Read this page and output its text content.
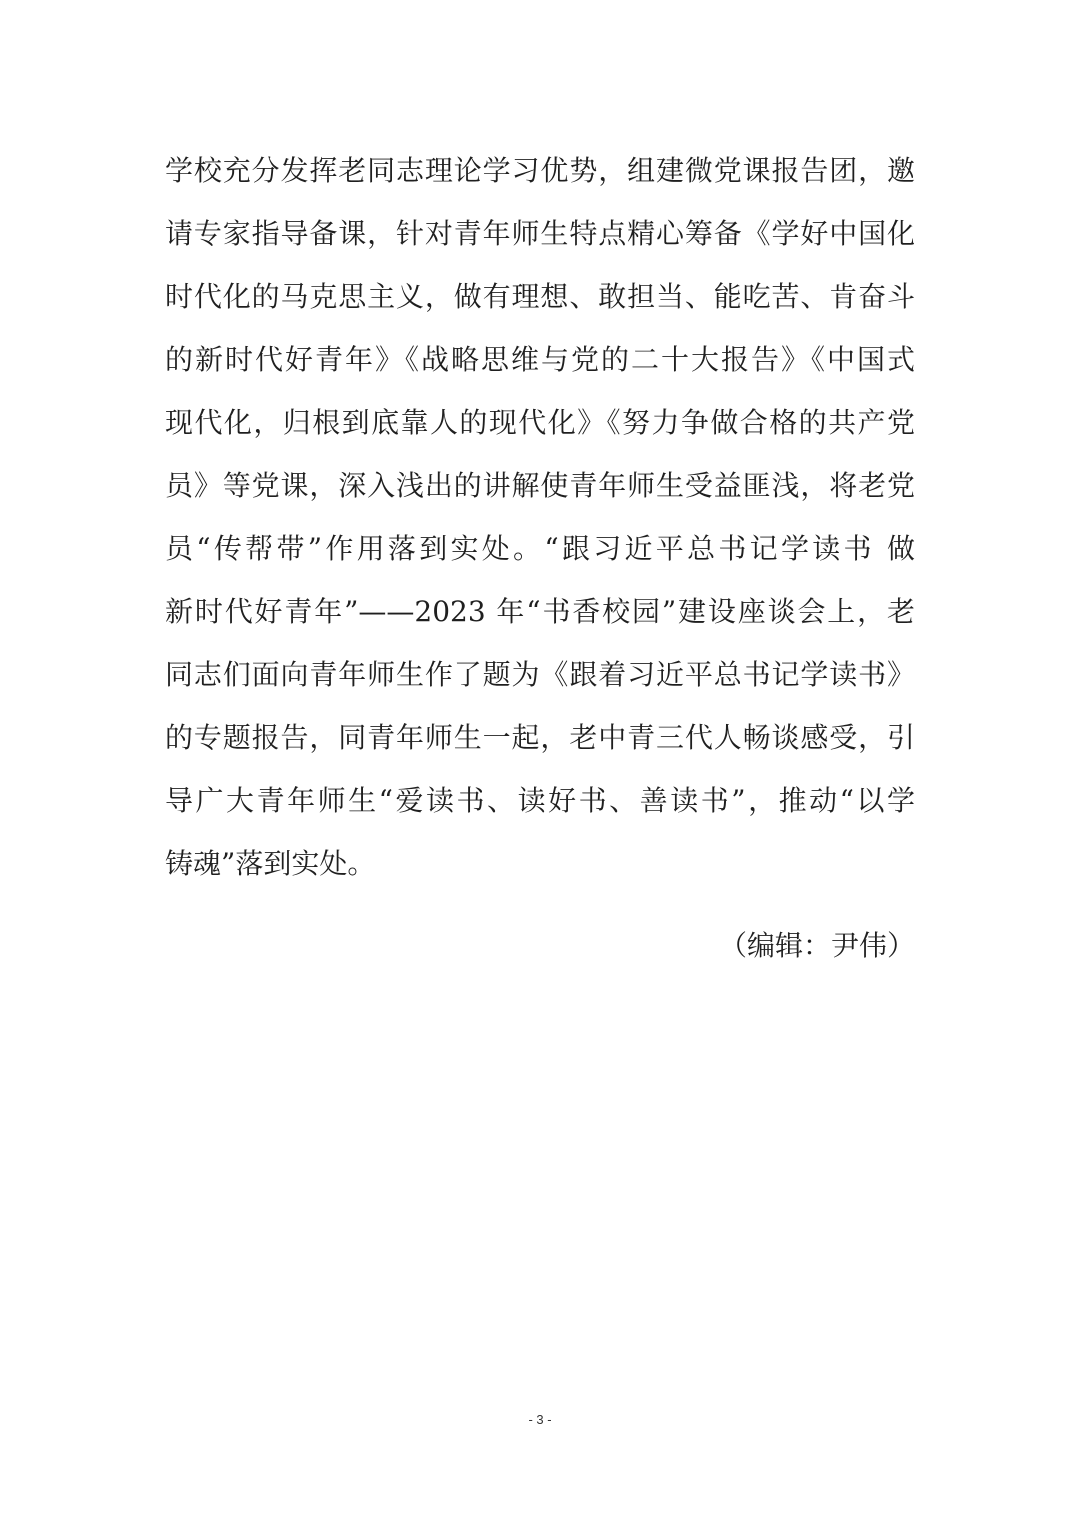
学校充分发挥老同志理论学习优势，组建微党课报告团，邀
请专家指导备课，针对青年师生特点精心筹备《学好中国化
时代化的马克思主义，做有理想、敢担当、能吃苦、肯奋斗
的新时代好青年》《战略思维与党的二十大报告》《中国式
现代化，归根到底靠人的现代化》《努力争做合格的共产党
员》等党课，深入浅出的讲解使青年师生受益匪浅，将老党
员“传帮带”作用落到实处。“跟习近平总书记学读书 做
新时代好青年”——2023 年“书香校园”建设座谈会上，老
同志们面向青年师生作了题为《跟着习近平总书记学读书》
的专题报告，同青年师生一起，老中青三代人畅谈感受，引
导广大青年师生“爱读书、读好书、善读书”，推动“以学
铸魂”落到实处。
（编辑：尹伟）
- 3 -
